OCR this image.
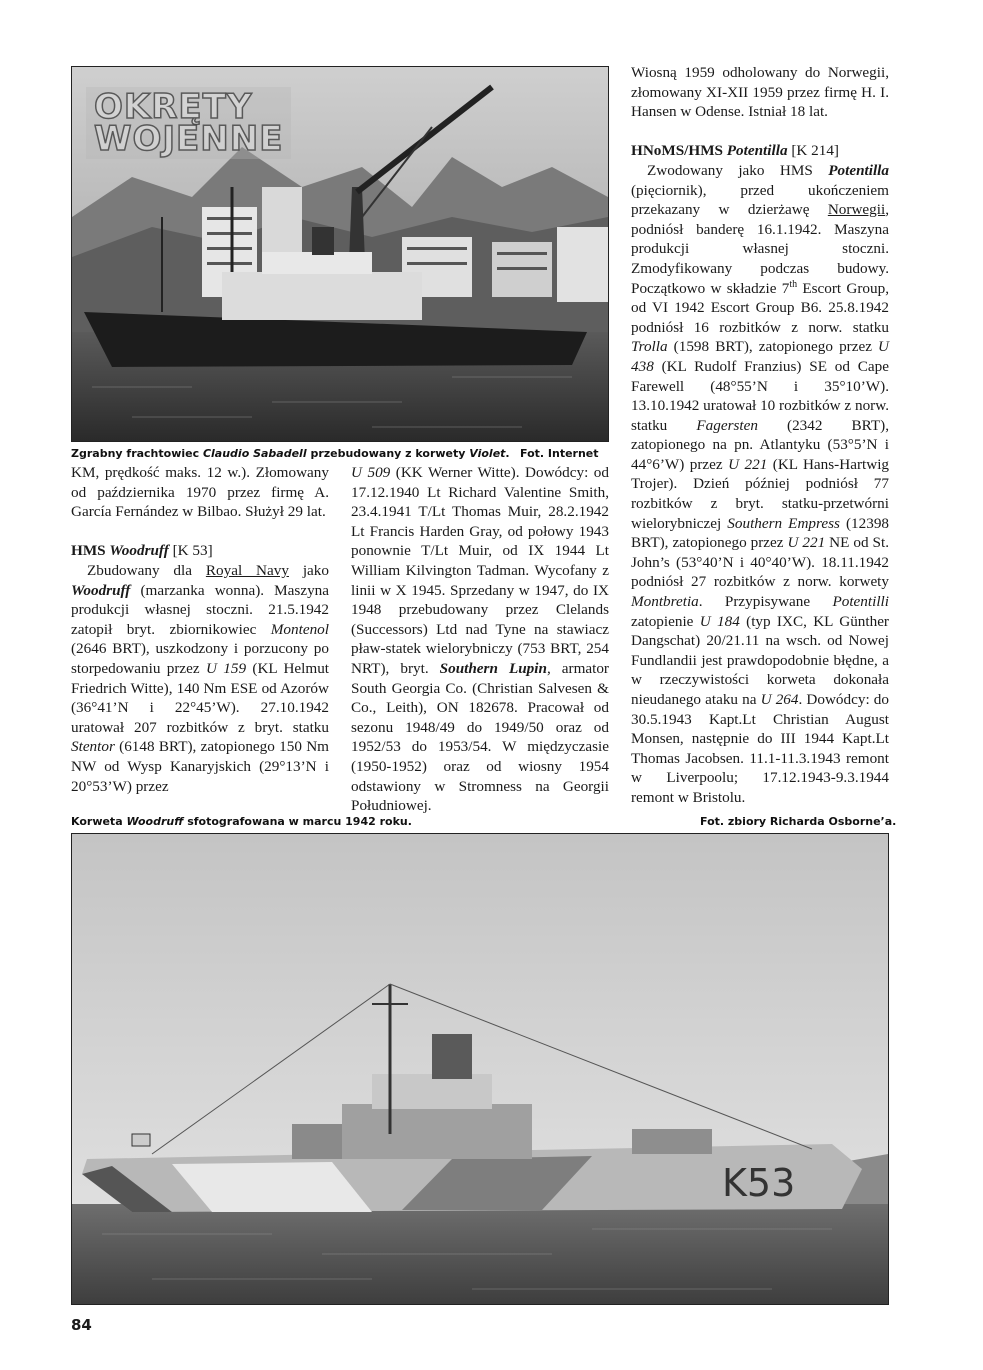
OKRĘTY
WOJENNE
Zgrabny frachtowiec Claudio Sabadell przebudowany z korwety Violet. Fot. Internet

KM, prędkość maks. 12 w.). Złomowany od października 1970 przez firmę A. García Fernández w Bilbao. Służył 29 lat.

HMS Woodruff [K 53]

Zbudowany dla Royal Navy jako Woodruff (marzanka wonna). Maszyna produkcji własnej stoczni. 21.5.1942 zatopił bryt. zbiornikowiec Montenol (2646 BRT), uszkodzony i porzucony po storpedowaniu przez U 159 (KL Helmut Friedrich Witte), 140 Nm ESE od Azorów (36°41’N i 22°45’W). 27.10.1942 uratował 207 rozbitków z bryt. statku Stentor (6148 BRT), zatopionego 150 Nm NW od Wysp Kanaryjskich (29°13’N i 20°53’W) przez

U 509 (KK Werner Witte). Dowódcy: od 17.12.1940 Lt Richard Valentine Smith, 23.4.1941 T/Lt Thomas Muir, 28.2.1942 Lt Francis Harden Gray, od połowy 1943 ponownie T/Lt Muir, od IX 1944 Lt William Kilvington Tadman. Wycofany z linii w X 1945. Sprzedany w 1947, do IX 1948 przebudowany przez Clelands (Successors) Ltd nad Tyne na stawiacz pław-statek wielorybniczy (753 BRT, 254 NRT), bryt. Southern Lupin, armator South Georgia Co. (Christian Salvesen & Co., Leith), ON 182678. Pracował od sezonu 1948/49 do 1949/50 oraz od 1952/53 do 1953/54. W międzyczasie (1950-1952) oraz od wiosny 1954 odstawiony w Stromness na Georgii Południowej.

Wiosną 1959 odholowany do Norwegii, złomowany XI-XII 1959 przez firmę H. I. Hansen w Odense. Istniał 18 lat.

HNoMS/HMS Potentilla [K 214]

Zwodowany jako HMS Potentilla (pięciornik), przed ukończeniem przekazany w dzierżawę Norwegii, podniósł banderę 16.1.1942. Maszyna produkcji własnej stoczni. Zmodyfikowany podczas budowy. Początkowo w składzie 7th Escort Group, od VI 1942 Escort Group B6. 25.8.1942 podniósł 16 rozbitków z norw. statku Trolla (1598 BRT), zatopionego przez U 438 (KL Rudolf Franzius) SE od Cape Farewell (48°55’N i 35°10’W). 13.10.1942 uratował 10 rozbitków z norw. statku Fagersten (2342 BRT), zatopionego na pn. Atlantyku (53°5’N i 44°6’W) przez U 221 (KL Hans-Hartwig Trojer). Dzień później podniósł 77 rozbitków z bryt. statku-przetwórni wielorybniczej Southern Empress (12398 BRT), zatopionego przez U 221 NE od St. John’s (53°40’N i 40°40’W). 18.11.1942 podniósł 27 rozbitków z norw. korwety Montbretia. Przypisywane Potentilli zatopienie U 184 (typ IXC, KL Günther Dangschat) 20/21.11 na wsch. od Nowej Fundlandii jest prawdopodobnie błędne, a w rzeczywistości korweta dokonała nieudanego ataku na U 264. Dowódcy: do 30.5.1943 Kapt.Lt Christian August Monsen, następnie do III 1944 Kapt.Lt Thomas Jacobsen. 11.1-11.3.1943 remont w Liverpoolu; 17.12.1943-9.3.1944 remont w Bristolu.

Korweta Woodruff sfotografowana w marcu 1942 roku.	Fot. zbiory Richarda Osborne’a.
K53
84
